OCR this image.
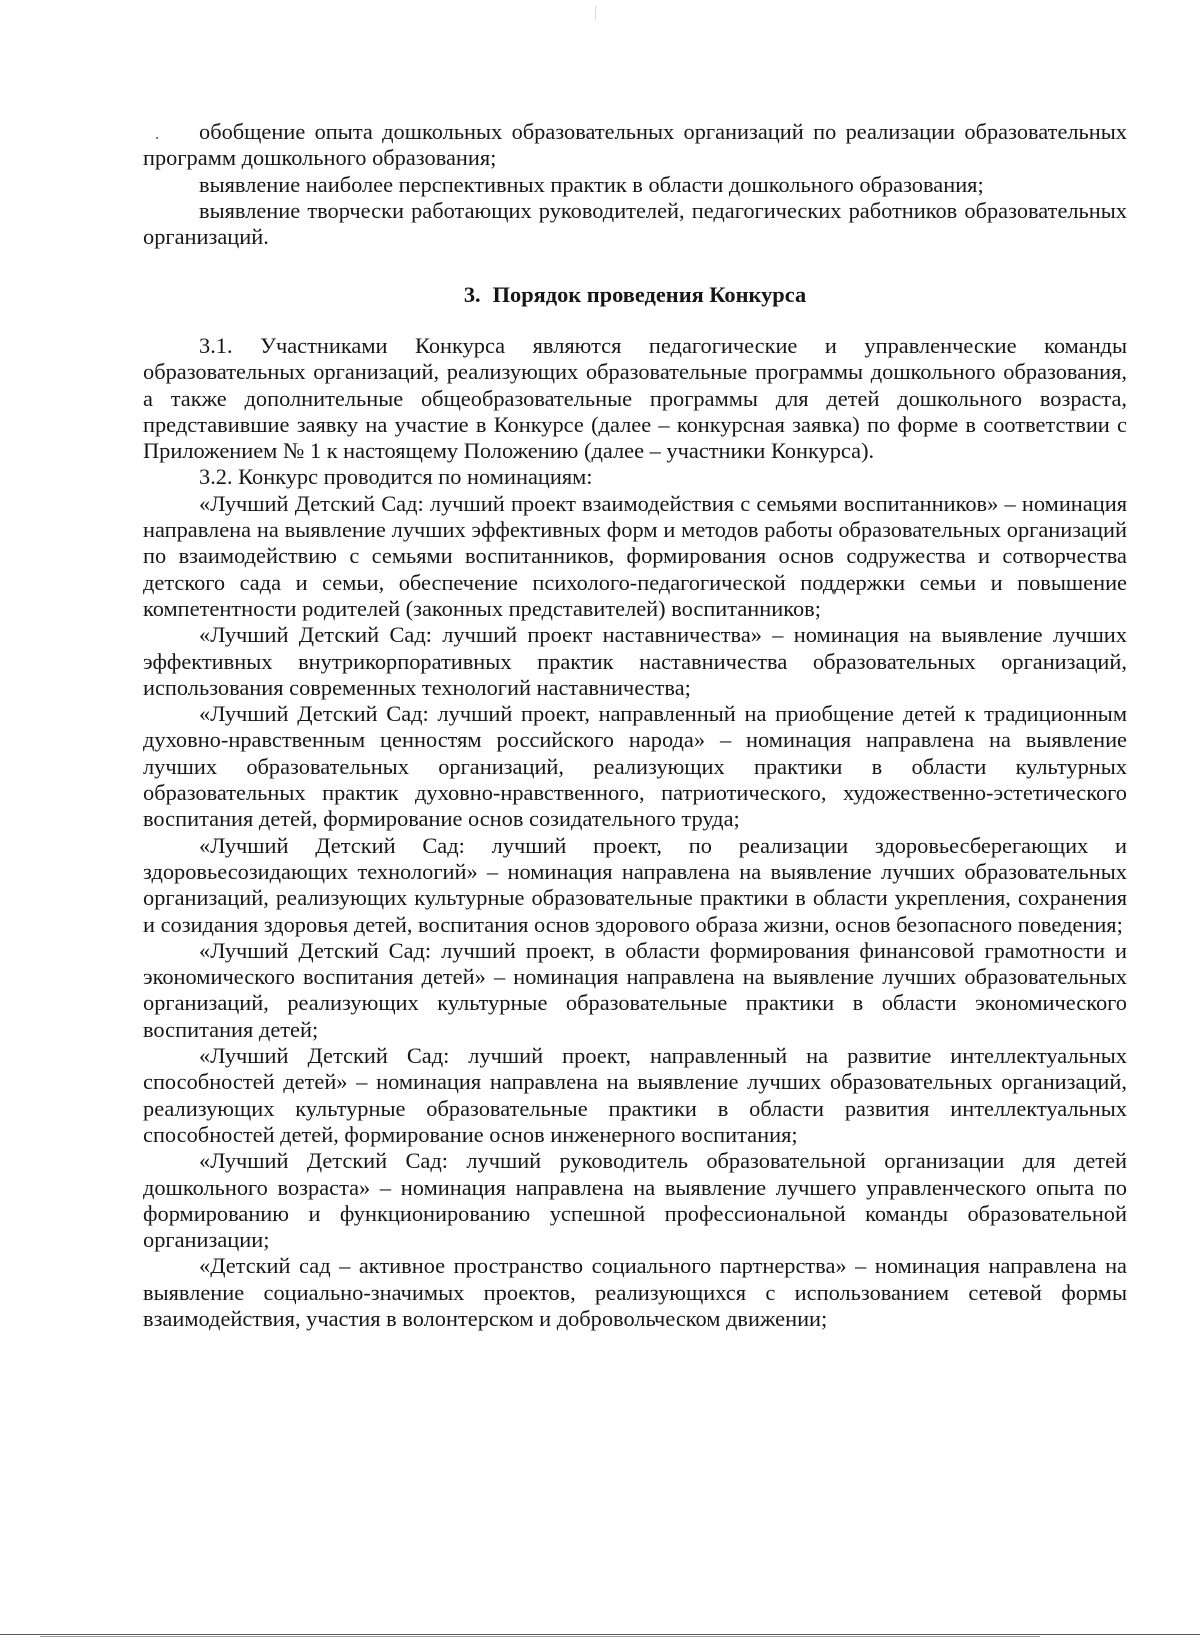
обобщение опыта дошкольных образовательных организаций по реализации образовательных программ дошкольного образования;

выявление наиболее перспективных практик в области дошкольного образования;

выявление творчески работающих руководителей, педагогических работников образовательных организаций.

3. Порядок проведения Конкурса

3.1. Участниками Конкурса являются педагогические и управленческие команды образовательных организаций, реализующих образовательные программы дошкольного образования, а также дополнительные общеобразовательные программы для детей дошкольного возраста, представившие заявку на участие в Конкурсе (далее – конкурсная заявка) по форме в соответствии с Приложением № 1 к настоящему Положению (далее – участники Конкурса).

3.2. Конкурс проводится по номинациям:

«Лучший Детский Сад: лучший проект взаимодействия с семьями воспитанников» – номинация направлена на выявление лучших эффективных форм и методов работы образовательных организаций по взаимодействию с семьями воспитанников, формирования основ содружества и сотворчества детского сада и семьи, обеспечение психолого-педагогической поддержки семьи и повышение компетентности родителей (законных представителей) воспитанников;

«Лучший Детский Сад: лучший проект наставничества» – номинация на выявление лучших эффективных внутрикорпоративных практик наставничества образовательных организаций, использования современных технологий наставничества;

«Лучший Детский Сад: лучший проект, направленный на приобщение детей к традиционным духовно-нравственным ценностям российского народа» – номинация направлена на выявление лучших образовательных организаций, реализующих практики в области культурных образовательных практик духовно-нравственного, патриотического, художественно-эстетического воспитания детей, формирование основ созидательного труда;

«Лучший Детский Сад: лучший проект, по реализации здоровьесберегающих и здоровьесозидающих технологий» – номинация направлена на выявление лучших образовательных организаций, реализующих культурные образовательные практики в области укрепления, сохранения и созидания здоровья детей, воспитания основ здорового образа жизни, основ безопасного поведения;

«Лучший Детский Сад: лучший проект, в области формирования финансовой грамотности и экономического воспитания детей» – номинация направлена на выявление лучших образовательных организаций, реализующих культурные образовательные практики в области экономического воспитания детей;

«Лучший Детский Сад: лучший проект, направленный на развитие интеллектуальных способностей детей» – номинация направлена на выявление лучших образовательных организаций, реализующих культурные образовательные практики в области развития интеллектуальных способностей детей, формирование основ инженерного воспитания;

«Лучший Детский Сад: лучший руководитель образовательной организации для детей дошкольного возраста» – номинация направлена на выявление лучшего управленческого опыта по формированию и функционированию успешной профессиональной команды образовательной организации;

«Детский сад – активное пространство социального партнерства» – номинация направлена на выявление социально-значимых проектов, реализующихся с использованием сетевой формы взаимодействия, участия в волонтерском и добровольческом движении;
